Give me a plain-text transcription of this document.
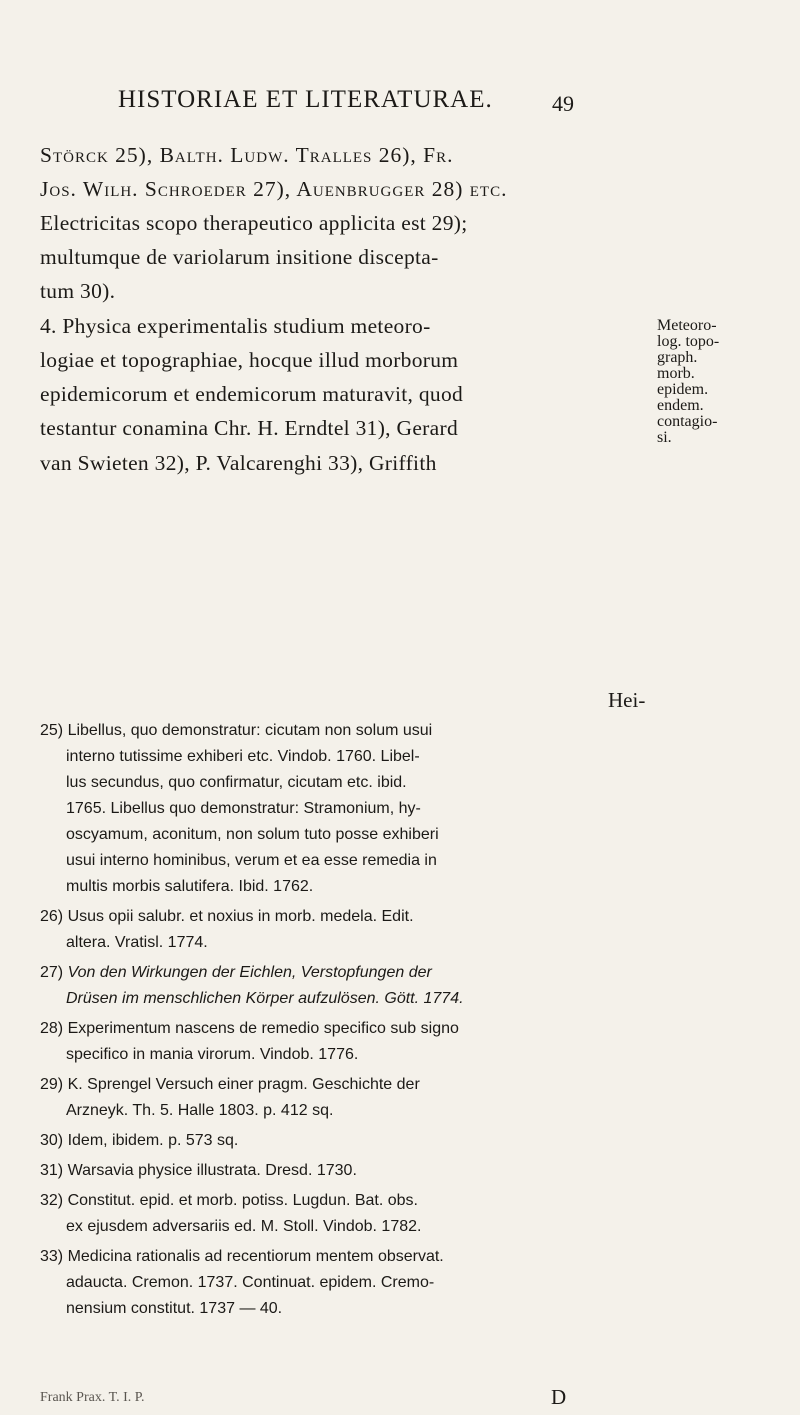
HISTORIAE ET LITERATURAE.	49
Störck 25), Balth. Ludw. Tralles 26), Fr.
Jos. Wilh. Schroeder 27), Auenbrugger 28) etc.
Electricitas scopo therapeutico applicita est 29);
multumque de variolarum insitione discepta-
tum 30).
4. Physica experimentalis studium meteoro-
logiae et topographiae, hocque illud morborum
epidemicorum et endemicorum maturavit, quod
testantur conamina Chr. H. Erndtel 31), Gerard
van Swieten 32), P. Valcarenghi 33), Griffith
Meteoro-
log. topo-
graph.
morb.
epidem.
endem.
contagio-
si.
Hei-
25) Libellus, quo demonstratur: cicutam non solum usui
interno tutissime exhiberi etc. Vindob. 1760. Libel-
lus secundus, quo confirmatur, cicutam etc. ibid.
1765. Libellus quo demonstratur: Stramonium, hy-
oscyamum, aconitum, non solum tuto posse exhiberi
usui interno hominibus, verum et ea esse remedia in
multis morbis salutifera. Ibid. 1762.
26) Usus opii salubr. et noxius in morb. medela. Edit.
altera. Vratisl. 1774.
27) Von den Wirkungen der Eichlen, Verstopfungen der
Drüsen im menschlichen Körper aufzulösen. Gött. 1774.
28) Experimentum nascens de remedio specifico sub signo
specifico in mania virorum. Vindob. 1776.
29) K. Sprengel Versuch einer pragm. Geschichte der
Arzneyk. Th. 5. Halle 1803. p. 412 sq.
30) Idem, ibidem. p. 573 sq.
31) Warsavia physice illustrata. Dresd. 1730.
32) Constitut. epid. et morb. potiss. Lugdun. Bat. obs.
ex ejusdem adversariis ed. M. Stoll. Vindob. 1782.
33) Medicina rationalis ad recentiorum mentem observat.
adaucta. Cremon. 1737. Continuat. epidem. Cremo-
nensium constitut. 1737 — 40.
Frank Prax. T. I. P.	D
